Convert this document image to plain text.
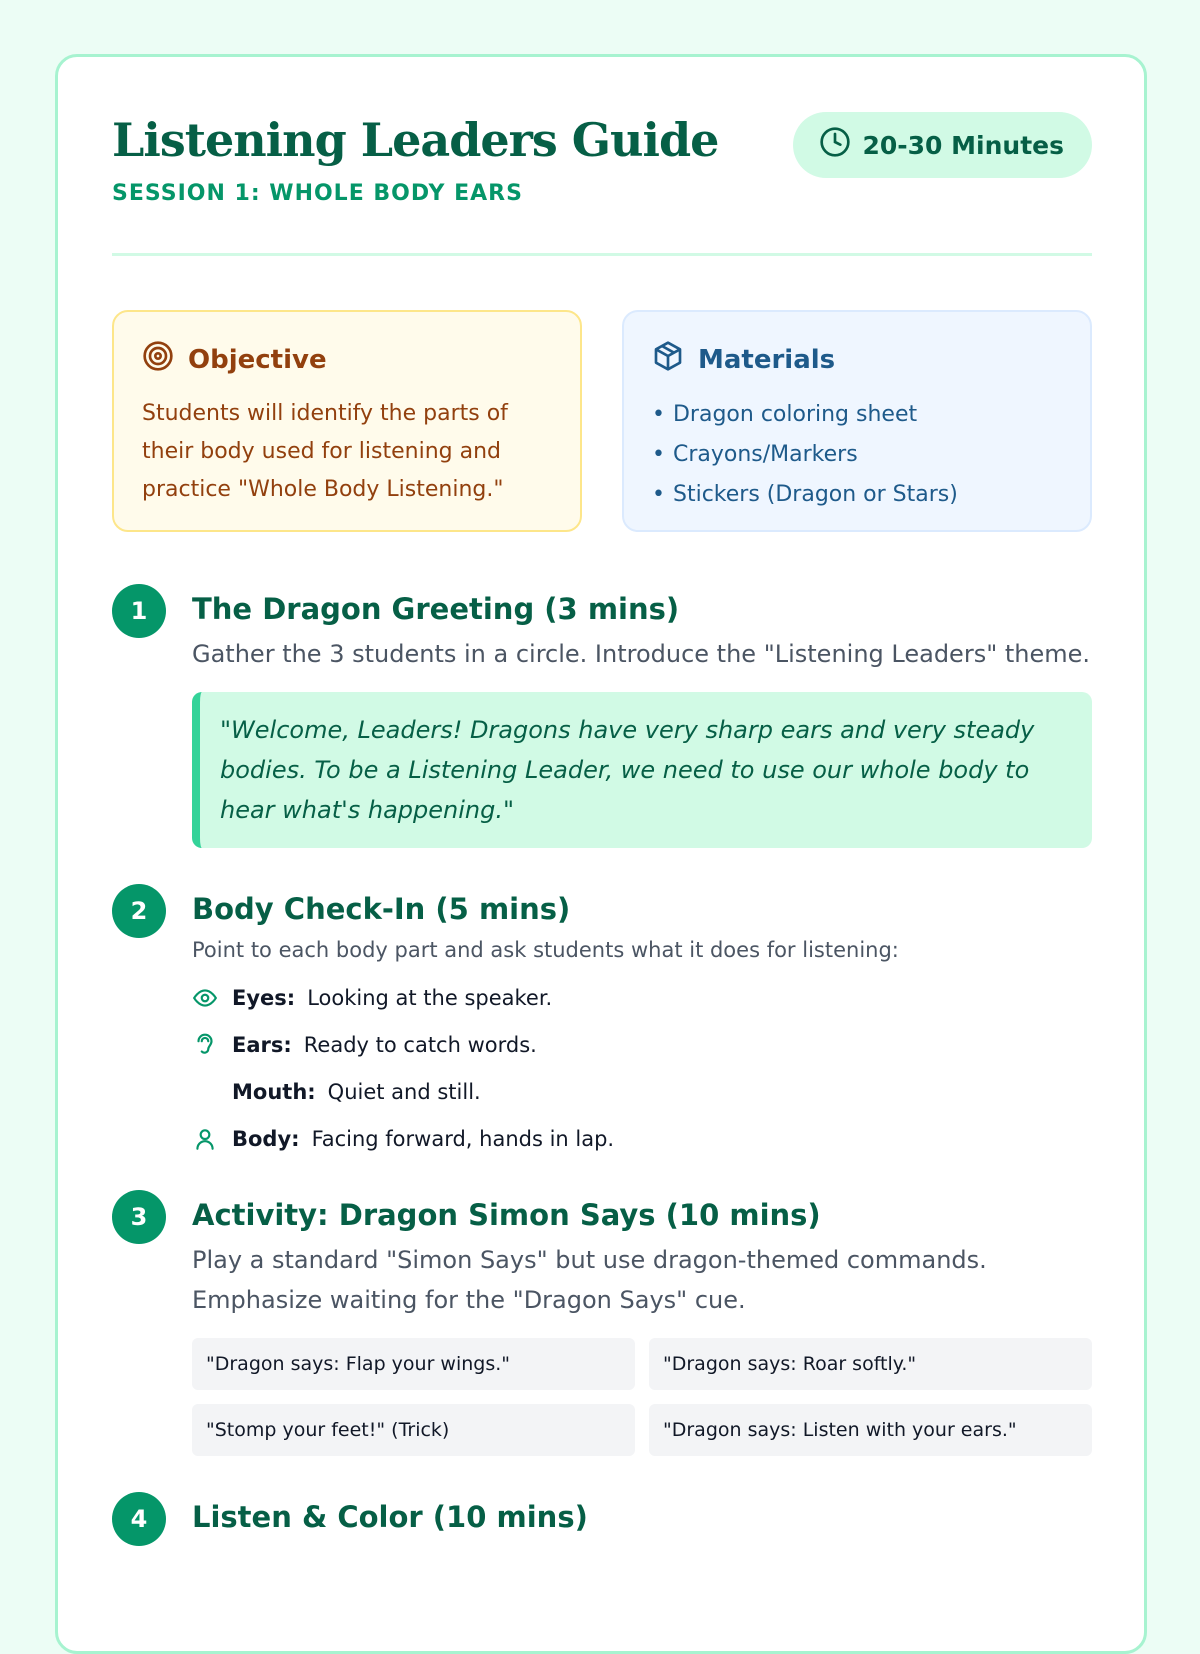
Listening Leaders Guide
SESSION 1: WHOLE BODY EARS
20-30 Minutes
Objective

Students will identify the parts of their body used for listening and practice "Whole Body Listening."

Materials
• Dragon coloring sheet
• Crayons/Markers
• Stickers (Dragon or Stars)
1	The Dragon Greeting (3 mins)

Gather the 3 students in a circle. Introduce the "Listening Leaders" theme.

"Welcome, Leaders! Dragons have very sharp ears and very steady bodies. To be a Listening Leader, we need to use our whole body to hear what's happening."
2	Body Check-In (5 mins)

Point to each body part and ask students what it does for listening:

Eyes: Looking at the speaker.
Ears: Ready to catch words.
Mouth: Quiet and still.
Body: Facing forward, hands in lap.
3	Activity: Dragon Simon Says (10 mins)

Play a standard "Simon Says" but use dragon-themed commands. Emphasize waiting for the "Dragon Says" cue.

"Dragon says: Flap your wings."	"Dragon says: Roar softly."
"Stomp your feet!" (Trick)	"Dragon says: Listen with your ears."
4	Listen & Color (10 mins)
